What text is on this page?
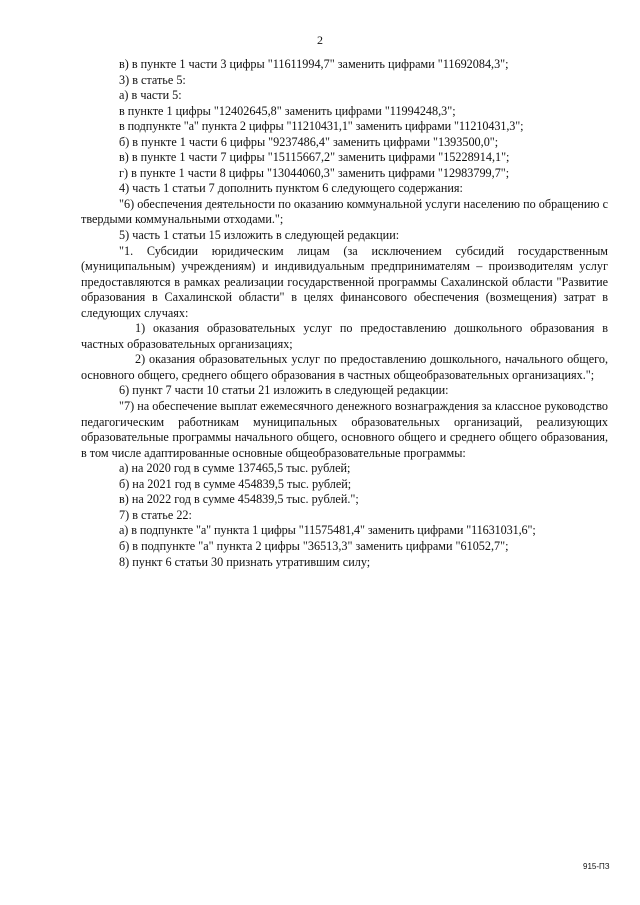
2

в) в пункте 1 части 3 цифры "11611994,7" заменить цифрами "11692084,3";

3) в статье 5:

а) в части 5:

в пункте 1 цифры "12402645,8" заменить цифрами "11994248,3";

в подпункте "а" пункта 2 цифры "11210431,1" заменить цифрами "11210431,3";

б) в пункте 1 части 6 цифры "9237486,4" заменить цифрами "1393500,0";

в) в пункте 1 части 7 цифры "15115667,2" заменить цифрами "15228914,1";

г) в пункте 1 части 8 цифры "13044060,3" заменить цифрами "12983799,7";

4) часть 1 статьи 7 дополнить пунктом 6 следующего содержания:

"6) обеспечения деятельности по оказанию коммунальной услуги населению по обращению с твердыми коммунальными отходами.";

5) часть 1 статьи 15 изложить в следующей редакции:

"1. Субсидии юридическим лицам (за исключением субсидий государственным (муниципальным) учреждениям) и индивидуальным предпринимателям – производителям услуг предоставляются в рамках реализации государственной программы Сахалинской области "Развитие образования в Сахалинской области" в целях финансового обеспечения (возмещения) затрат в следующих случаях:

1) оказания образовательных услуг по предоставлению дошкольного образования в частных образовательных организациях;

2) оказания образовательных услуг по предоставлению дошкольного, начального общего, основного общего, среднего общего образования в частных общеобразовательных организациях.";

6) пункт 7 части 10 статьи 21 изложить в следующей редакции:

"7) на обеспечение выплат ежемесячного денежного вознаграждения за классное руководство педагогическим работникам муниципальных образовательных организаций, реализующих образовательные программы начального общего, основного общего и среднего общего образования, в том числе адаптированные основные общеобразовательные программы:

а) на 2020 год в сумме 137465,5 тыс. рублей;

б) на 2021 год в сумме 454839,5 тыс. рублей;

в) на 2022 год в сумме 454839,5 тыс. рублей.";

7) в статье 22:

а) в подпункте "а" пункта 1 цифры "11575481,4" заменить цифрами "11631031,6";

б) в подпункте "а" пункта 2 цифры "36513,3" заменить цифрами "61052,7";

8) пункт 6 статьи 30 признать утратившим силу;

915-ПЗ
